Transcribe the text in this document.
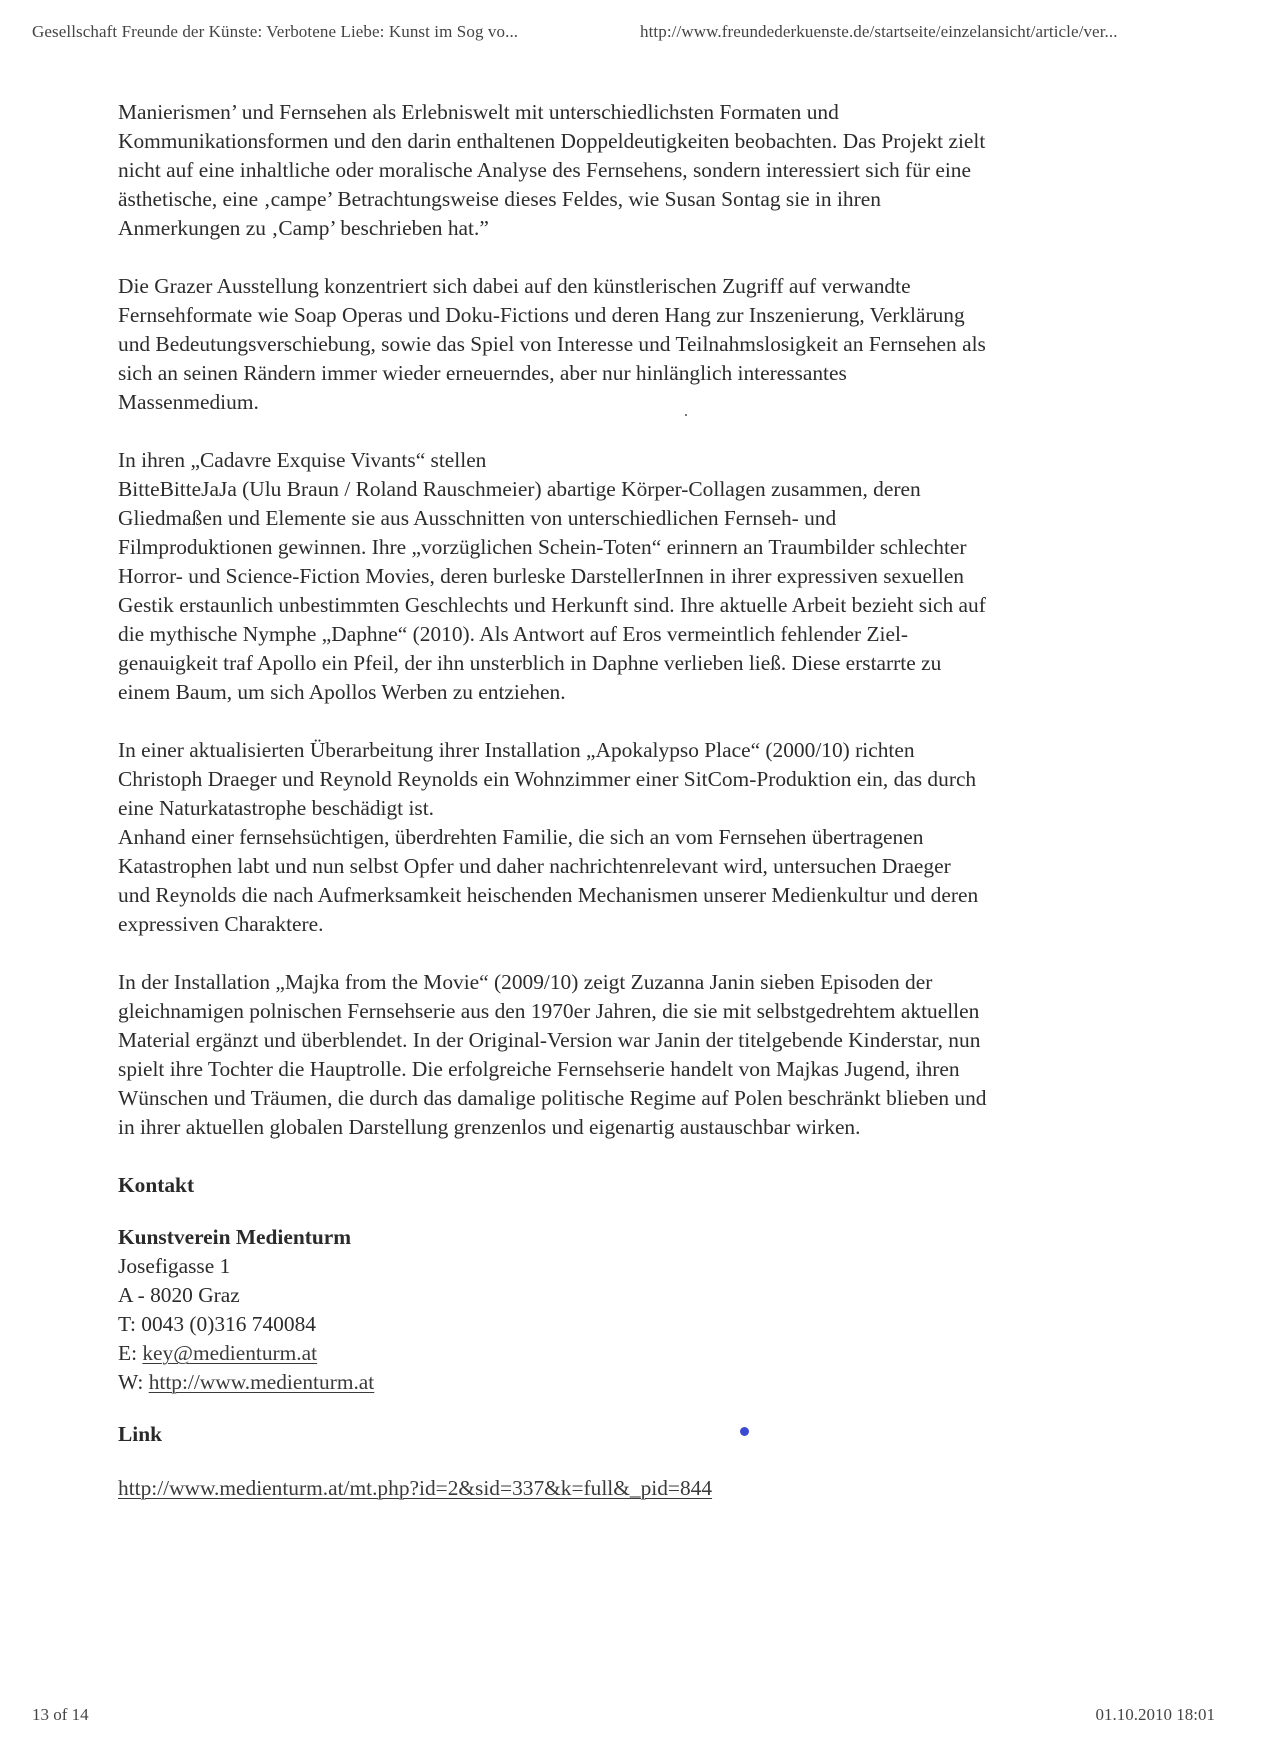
Gesellschaft Freunde der Künste: Verbotene Liebe: Kunst im Sog vo...	http://www.freundederkuenste.de/startseite/einzelansicht/article/ver...

Manierismen’ und Fernsehen als Erlebniswelt mit unterschiedlichsten Formaten und
Kommunikationsformen und den darin enthaltenen Doppeldeutigkeiten beobachten. Das Projekt zielt
nicht auf eine inhaltliche oder moralische Analyse des Fernsehens, sondern interessiert sich für eine
ästhetische, eine ‚campe’ Betrachtungsweise dieses Feldes, wie Susan Sontag sie in ihren
Anmerkungen zu ‚Camp’ beschrieben hat.”

Die Grazer Ausstellung konzentriert sich dabei auf den künstlerischen Zugriff auf verwandte
Fernsehformate wie Soap Operas und Doku-Fictions und deren Hang zur Inszenierung, Verklärung
und Bedeutungsverschiebung, sowie das Spiel von Interesse und Teilnahmslosigkeit an Fernsehen als
sich an seinen Rändern immer wieder erneuerndes, aber nur hinlänglich interessantes
Massenmedium.

In ihren „Cadavre Exquise Vivants“ stellen
BitteBitteJaJa (Ulu Braun / Roland Rauschmeier) abartige Körper-Collagen zusammen, deren
Gliedmaßen und Elemente sie aus Ausschnitten von unterschiedlichen Fernseh- und
Filmproduktionen gewinnen. Ihre „vorzüglichen Schein-Toten“ erinnern an Traumbilder schlechter
Horror- und Science-Fiction Movies, deren burleske DarstellerInnen in ihrer expressiven sexuellen
Gestik erstaunlich unbestimmten Geschlechts und Herkunft sind. Ihre aktuelle Arbeit bezieht sich auf
die mythische Nymphe „Daphne“ (2010). Als Antwort auf Eros vermeintlich fehlender Ziel-
genauigkeit traf Apollo ein Pfeil, der ihn unsterblich in Daphne verlieben ließ. Diese erstarrte zu
einem Baum, um sich Apollos Werben zu entziehen.

In einer aktualisierten Überarbeitung ihrer Installation „Apokalypso Place“ (2000/10) richten
Christoph Draeger und Reynold Reynolds ein Wohnzimmer einer SitCom-Produktion ein, das durch
eine Naturkatastrophe beschädigt ist.
Anhand einer fernsehsüchtigen, überdrehten Familie, die sich an vom Fernsehen übertragenen
Katastrophen labt und nun selbst Opfer und daher nachrichtenrelevant wird, untersuchen Draeger
und Reynolds die nach Aufmerksamkeit heischenden Mechanismen unserer Medienkultur und deren
expressiven Charaktere.

In der Installation „Majka from the Movie“ (2009/10) zeigt Zuzanna Janin sieben Episoden der
gleichnamigen polnischen Fernsehserie aus den 1970er Jahren, die sie mit selbstgedrehtem aktuellen
Material ergänzt und überblendet. In der Original-Version war Janin der titelgebende Kinderstar, nun
spielt ihre Tochter die Hauptrolle. Die erfolgreiche Fernsehserie handelt von Majkas Jugend, ihren
Wünschen und Träumen, die durch das damalige politische Regime auf Polen beschränkt blieben und
in ihrer aktuellen globalen Darstellung grenzenlos und eigenartig austauschbar wirken.

Kontakt
Kunstverein Medienturm
Josefigasse 1
A - 8020 Graz
T: 0043 (0)316 740084
E: key@medienturm.at
W: http://www.medienturm.at
Link
http://www.medienturm.at/mt.php?id=2&sid=337&k=full&_pid=844
13 of 14	01.10.2010 18:01
